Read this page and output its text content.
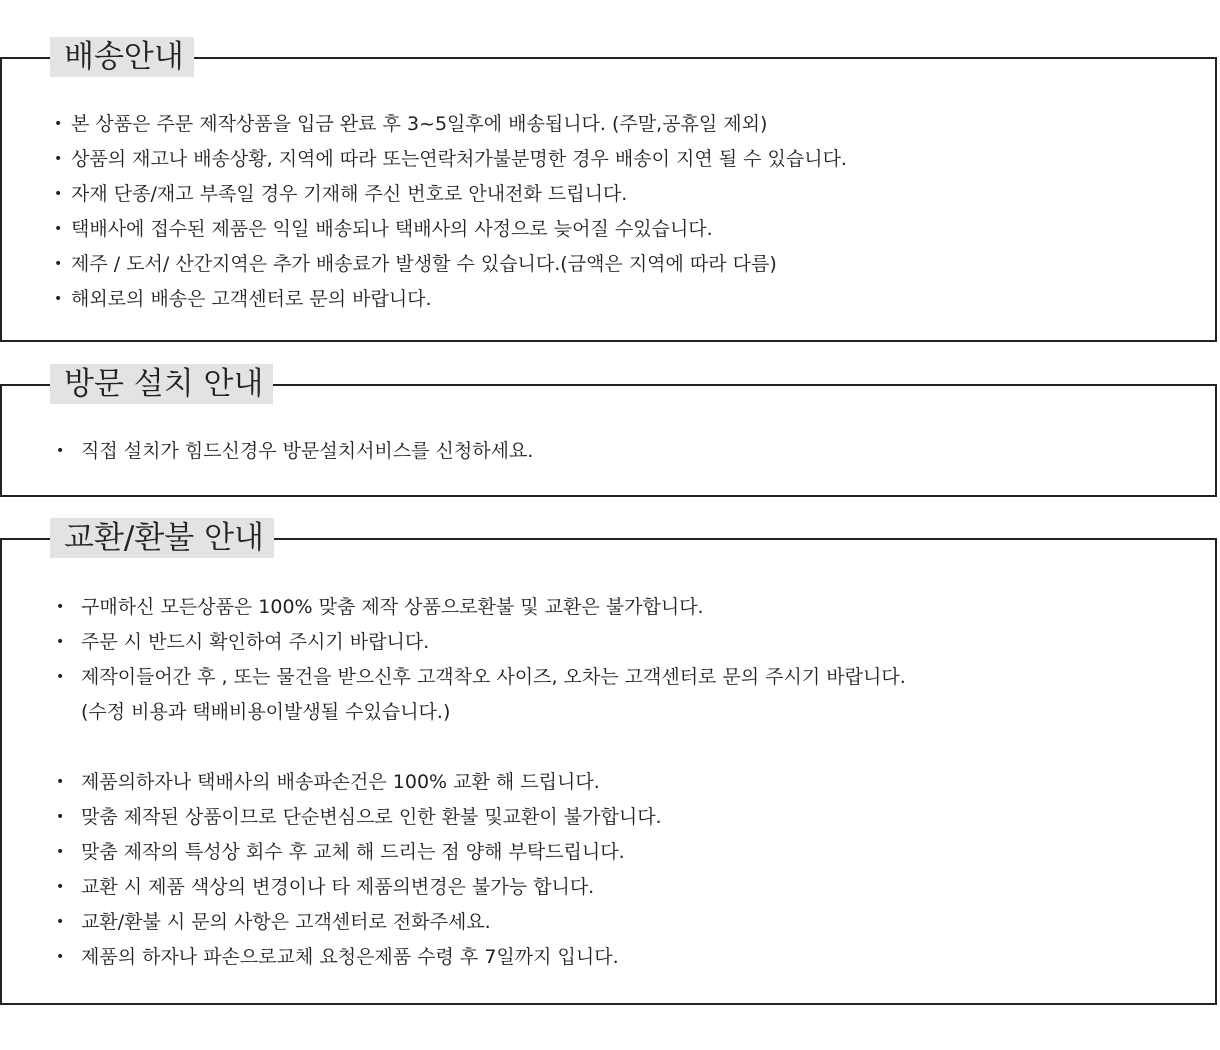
배송안내
•
본 상품은 주문 제작상품을 입금 완료 후 3~5일후에 배송됩니다. (주말,공휴일 제외)
•
상품의 재고나 배송상황, 지역에 따라 또는연락처가불분명한 경우 배송이 지연 될 수 있습니다.
•
자재 단종/재고 부족일 경우 기재해 주신 번호로 안내전화 드립니다.
•
택배사에 접수된 제품은 익일 배송되나 택배사의 사정으로 늦어질 수있습니다.
•
제주 / 도서/ 산간지역은 추가 배송료가 발생할 수 있습니다.(금액은 지역에 따라 다름)
•
해외로의 배송은 고객센터로 문의 바랍니다.
방문 설치 안내
•
직접 설치가 힘드신경우 방문설치서비스를 신청하세요.
교환/환불 안내
•
구매하신 모든상품은 100% 맞춤 제작 상품으로환불 및 교환은 불가합니다.
•
주문 시 반드시 확인하여 주시기 바랍니다.
•
제작이들어간 후 , 또는 물건을 받으신후 고객착오 사이즈, 오차는 고객센터로 문의 주시기 바랍니다.
(수정 비용과 택배비용이발생될 수있습니다.)
•
제품의하자나 택배사의 배송파손건은 100% 교환 해 드립니다.
•
맞춤 제작된 상품이므로 단순변심으로 인한 환불 및교환이 불가합니다.
•
맞춤 제작의 특성상 회수 후 교체 해 드리는 점 양해 부탁드립니다.
•
교환 시 제품 색상의 변경이나 타 제품의변경은 불가능 합니다.
•
교환/환불 시 문의 사항은 고객센터로 전화주세요.
•
제품의 하자나 파손으로교체 요청은제품 수령 후 7일까지 입니다.
